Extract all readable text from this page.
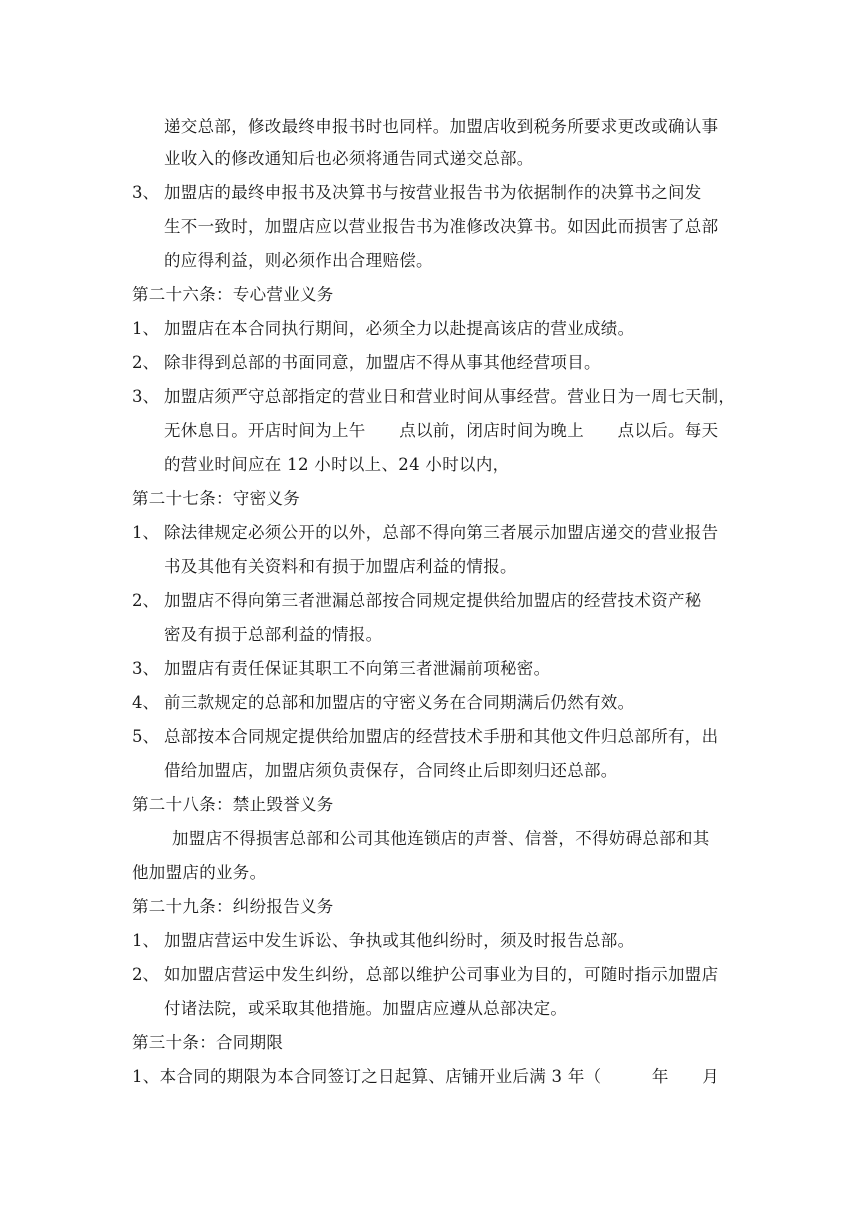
递交总部，修改最终申报书时也同样。加盟店收到税务所要求更改或确认事
业收入的修改通知后也必须将通告同式递交总部。
3、 加盟店的最终申报书及决算书与按营业报告书为依据制作的决算书之间发
生不一致时，加盟店应以营业报告书为准修改决算书。如因此而损害了总部
的应得利益，则必须作出合理赔偿。
第二十六条：专心营业义务
1、 加盟店在本合同执行期间，必须全力以赴提高该店的营业成绩。
2、 除非得到总部的书面同意，加盟店不得从事其他经营项目。
3、 加盟店须严守总部指定的营业日和营业时间从事经营。营业日为一周七天制，
无休息日。开店时间为上午　　点以前，闭店时间为晚上　　点以后。每天
的营业时间应在 12 小时以上、24 小时以内，
第二十七条：守密义务
1、 除法律规定必须公开的以外，总部不得向第三者展示加盟店递交的营业报告
书及其他有关资料和有损于加盟店利益的情报。
2、 加盟店不得向第三者泄漏总部按合同规定提供给加盟店的经营技术资产秘
密及有损于总部利益的情报。
3、 加盟店有责任保证其职工不向第三者泄漏前项秘密。
4、 前三款规定的总部和加盟店的守密义务在合同期满后仍然有效。
5、 总部按本合同规定提供给加盟店的经营技术手册和其他文件归总部所有，出
借给加盟店，加盟店须负责保存，合同终止后即刻归还总部。
第二十八条：禁止毁誉义务
加盟店不得损害总部和公司其他连锁店的声誉、信誉，不得妨碍总部和其
他加盟店的业务。
第二十九条：纠纷报告义务
1、 加盟店营运中发生诉讼、争执或其他纠纷时，须及时报告总部。
2、 如加盟店营运中发生纠纷，总部以维护公司事业为目的，可随时指示加盟店
付诸法院，或采取其他措施。加盟店应遵从总部决定。
第三十条：合同期限
1、本合同的期限为本合同签订之日起算、店铺开业后满 3 年（　　　年　　月
